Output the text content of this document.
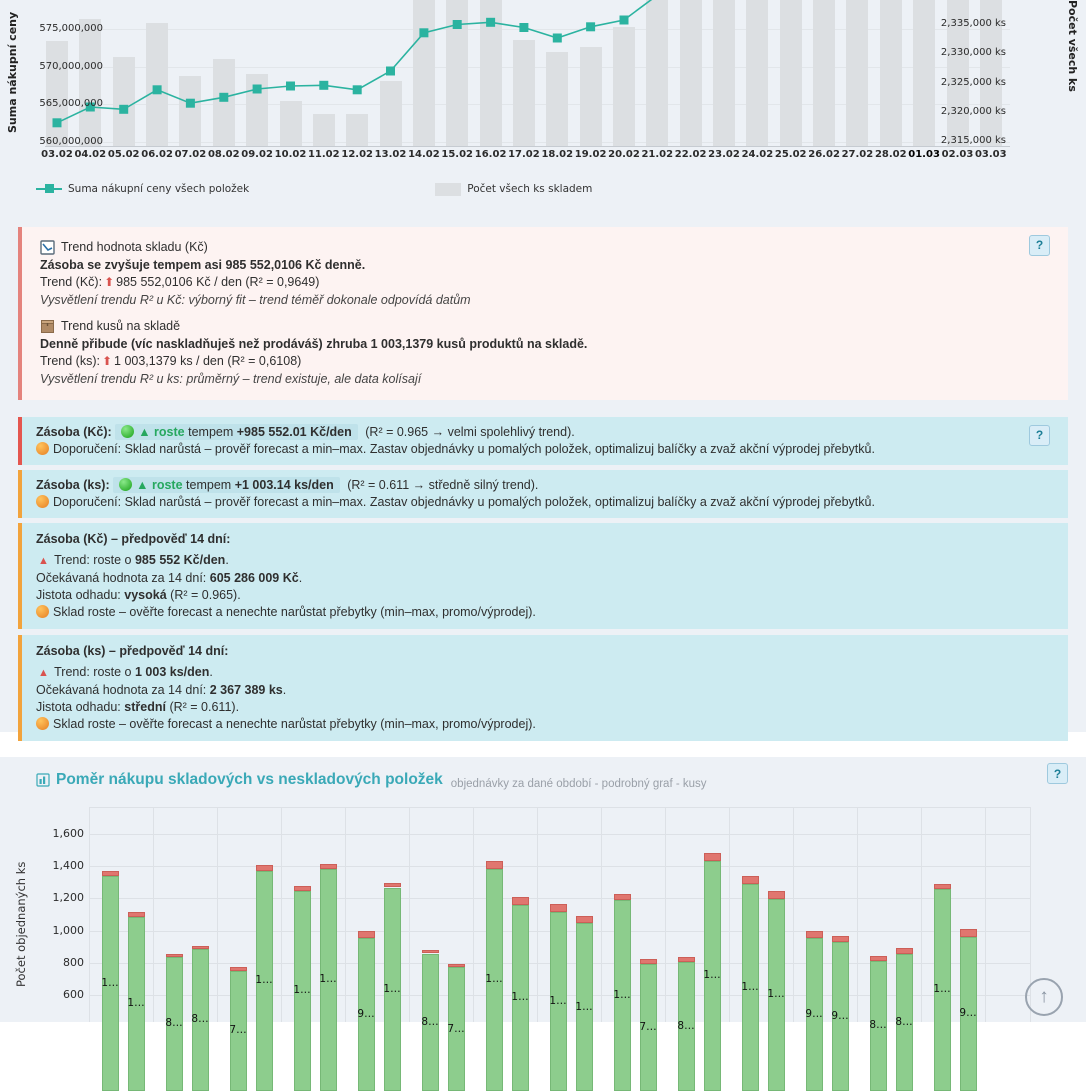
560,000,000
565,000,000
570,000,000
575,000,000
2,315,000 ks
2,320,000 ks
2,325,000 ks
2,330,000 ks
2,335,000 ks
Suma nákupní ceny	Počet všech ks
03.02 04.02 05.02 06.02 07.02 08.02 09.02 10.02 11.02 12.02 13.02 14.02 15.02 16.02 17.02 18.02 19.02 20.02 21.02 22.02 23.02 24.02 25.02 26.02 27.02 28.02 01.03 02.03 03.03
Suma nákupní ceny všech položek	Počet všech ks skladem
?
Trend hodnota skladu (Kč)
Zásoba se zvyšuje tempem asi 985 552,0106 Kč denně.
Trend (Kč): ⬆ 985 552,0106 Kč / den (R² = 0,9649)
Vysvětlení trendu R² u Kč: výborný fit – trend téměř dokonale odpovídá datům
Trend kusů na skladě
Denně přibude (víc naskladňuješ než prodáváš) zhruba 1 003,1379 kusů produktů na skladě.
Trend (ks): ⬆ 1 003,1379 ks / den (R² = 0,6108)
Vysvětlení trendu R² u ks: průměrný – trend existuje, ale data kolísají
?
Zásoba (Kč): ▲ roste tempem +985 552.01 Kč/den (R² = 0.965 → velmi spolehlivý trend).
Doporučení: Sklad narůstá – prověř forecast a min–max. Zastav objednávky u pomalých položek, optimalizuj balíčky a zvaž akční výprodej přebytků.
Zásoba (ks): ▲ roste tempem +1 003.14 ks/den (R² = 0.611 → středně silný trend).
Doporučení: Sklad narůstá – prověř forecast a min–max. Zastav objednávky u pomalých položek, optimalizuj balíčky a zvaž akční výprodej přebytků.
Zásoba (Kč) – předpověď 14 dní:
▲ Trend: roste o 985 552 Kč/den.
Očekávaná hodnota za 14 dní: 605 286 009 Kč.
Jistota odhadu: vysoká (R² = 0.965).
Sklad roste – ověřte forecast a nenechte narůstat přebytky (min–max, promo/výprodej).
Zásoba (ks) – předpověď 14 dní:
▲ Trend: roste o 1 003 ks/den.
Očekávaná hodnota za 14 dní: 2 367 389 ks.
Jistota odhadu: střední (R² = 0.611).
Sklad roste – ověřte forecast a nenechte narůstat přebytky (min–max, promo/výprodej).
Poměr nákupu skladových vs neskladových položek objednávky za dané období - podrobný graf - kusy
?
600
800
1,000
1,200
1,400
1,600
1…
1…
8… 8…
7…
1…
1…
1…
9…
1…
8…
7…
1…
1…	1… 1…
1…
7…	8…
1…
1…
1…
9… 9…
8… 8…
1…
9…
Počet objednaných ks
↑
